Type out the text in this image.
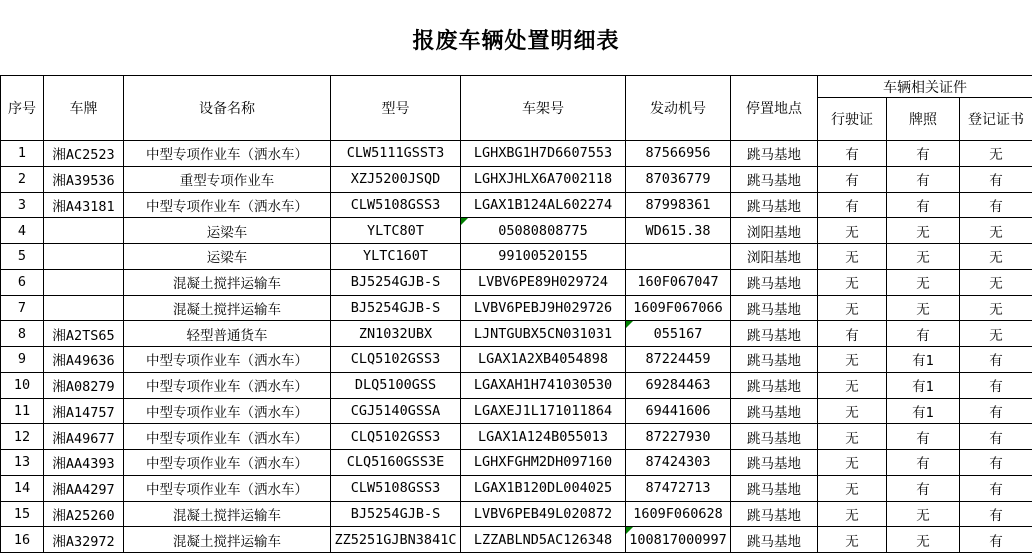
报废车辆处置明细表
序号	车牌	设备名称	型号	车架号	发动机号	停置地点	车辆相关证件		
							行驶证	牌照	登记证书
1	湘AC2523	中型专项作业车（洒水车）	CLW5111GSST3	LGHXBG1H7D6607553	87566956	跳马基地	有	有	无
2	湘A39536	重型专项作业车	XZJ5200JSQD	LGHXJHLX6A7002118	87036779	跳马基地	有	有	有
3	湘A43181	中型专项作业车（洒水车）	CLW5108GSS3	LGAX1B124AL602274	87998361	跳马基地	有	有	有
4		运梁车	YLTC80T	05080808775	WD615.38	浏阳基地	无	无	无
5		运梁车	YLTC160T	99100520155		浏阳基地	无	无	无
6		混凝土搅拌运输车	BJ5254GJB-S	LVBV6PE89H029724	160F067047	跳马基地	无	无	无
7		混凝土搅拌运输车	BJ5254GJB-S	LVBV6PEBJ9H029726	1609F067066	跳马基地	无	无	无
8	湘A2TS65	轻型普通货车	ZN1032UBX	LJNTGUBX5CN031031	055167	跳马基地	有	有	无
9	湘A49636	中型专项作业车（洒水车）	CLQ5102GSS3	LGAX1A2XB4054898	87224459	跳马基地	无	有1	有
10	湘A08279	中型专项作业车（洒水车）	DLQ5100GSS	LGAXAH1H741030530	69284463	跳马基地	无	有1	有
11	湘A14757	中型专项作业车（洒水车）	CGJ5140GSSA	LGAXEJ1L171011864	69441606	跳马基地	无	有1	有
12	湘A49677	中型专项作业车（洒水车）	CLQ5102GSS3	LGAX1A124B055013	87227930	跳马基地	无	有	有
13	湘AA4393	中型专项作业车（洒水车）	CLQ5160GSS3E	LGHXFGHM2DH097160	87424303	跳马基地	无	有	有
14	湘AA4297	中型专项作业车（洒水车）	CLW5108GSS3	LGAX1B120DL004025	87472713	跳马基地	无	有	有
15	湘A25260	混凝土搅拌运输车	BJ5254GJB-S	LVBV6PEB49L020872	1609F060628	跳马基地	无	无	有
16	湘A32972	混凝土搅拌运输车	ZZ5251GJBN3841C	LZZABLND5AC126348	100817000997	跳马基地	无	无	有
